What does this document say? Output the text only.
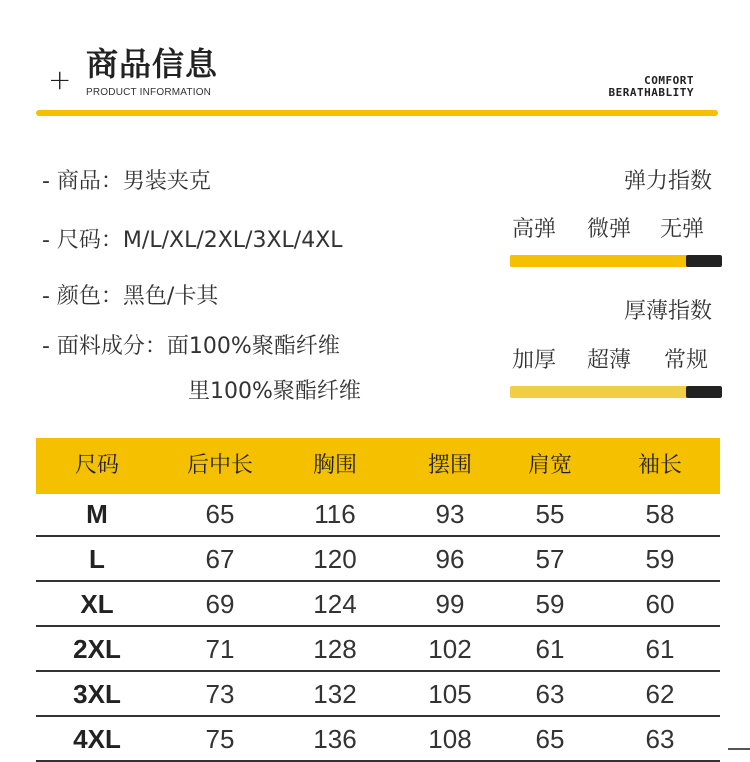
+ 商品信息
PRODUCT INFORMATION
COMFORT
BERATHABLITY
- 商品：男装夹克
- 尺码：M/L/XL/2XL/3XL/4XL
- 颜色：黑色/卡其
- 面料成分：面100%聚酯纤维
里100%聚酯纤维
弹力指数
高弹 微弹 无弹
厚薄指数
加厚 超薄 常规
尺码	后中长	胸围	摆围	肩宽	袖长
M	65	116	93	55	58
L	67	120	96	57	59
XL	69	124	99	59	60
2XL	71	128	102	61	61
3XL	73	132	105	63	62
4XL	75	136	108	65	63
